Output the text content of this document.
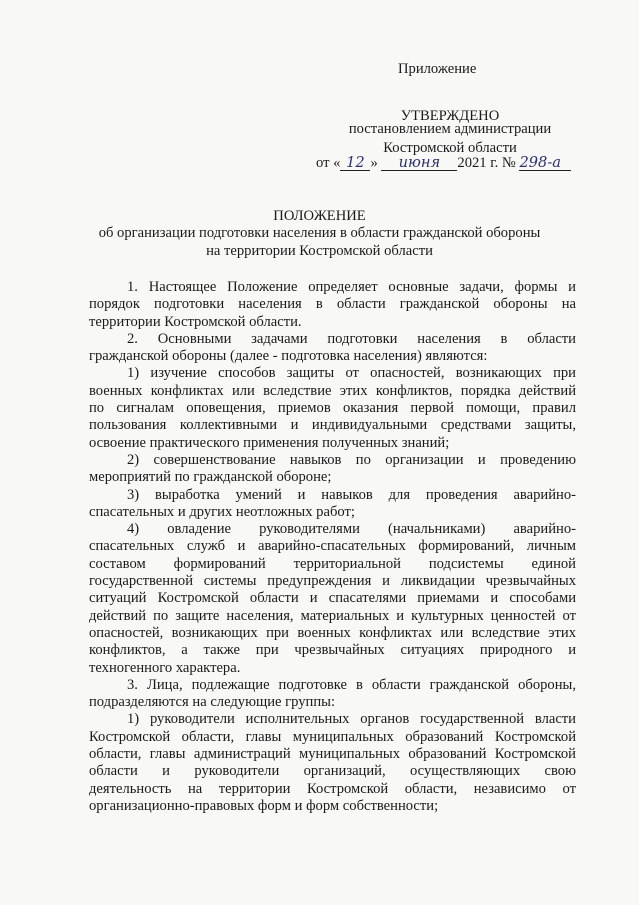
Приложение
УТВЕРЖДЕНО
постановлением администрации
Костромской области
от « 12 » июня 2021 г. № 298-а
ПОЛОЖЕНИЕ
об организации подготовки населения в области гражданской обороны
на территории Костромской области
1. Настоящее Положение определяет основные задачи, формы и
порядок подготовки населения в области гражданской обороны на
территории Костромской области.
2. Основными задачами подготовки населения в области
гражданской обороны (далее - подготовка населения) являются:
1) изучение способов защиты от опасностей, возникающих при
военных конфликтах или вследствие этих конфликтов, порядка действий
по сигналам оповещения, приемов оказания первой помощи, правил
пользования коллективными и индивидуальными средствами защиты,
освоение практического применения полученных знаний;
2) совершенствование навыков по организации и проведению
мероприятий по гражданской обороне;
3) выработка умений и навыков для проведения аварийно-
спасательных и других неотложных работ;
4) овладение руководителями (начальниками) аварийно-
спасательных служб и аварийно-спасательных формирований, личным
составом формирований территориальной подсистемы единой
государственной системы предупреждения и ликвидации чрезвычайных
ситуаций Костромской области и спасателями приемами и способами
действий по защите населения, материальных и культурных ценностей от
опасностей, возникающих при военных конфликтах или вследствие этих
конфликтов, а также при чрезвычайных ситуациях природного и
техногенного характера.
3. Лица, подлежащие подготовке в области гражданской обороны,
подразделяются на следующие группы:
1) руководители исполнительных органов государственной власти
Костромской области, главы муниципальных образований Костромской
области, главы администраций муниципальных образований Костромской
области и руководители организаций, осуществляющих свою
деятельность на территории Костромской области, независимо от
организационно-правовых форм и форм собственности;
